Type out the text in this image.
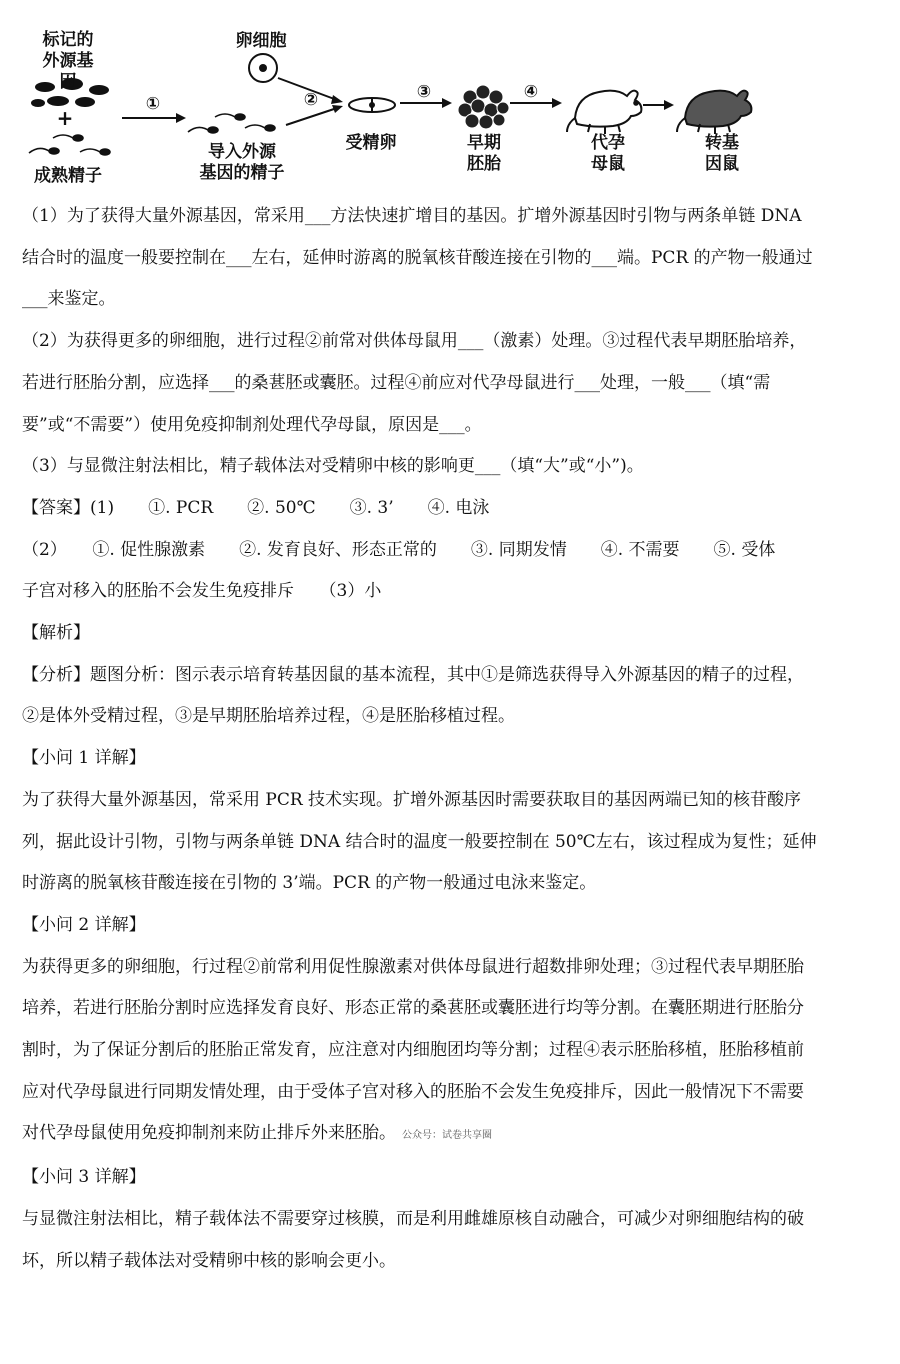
标记的
外源基因
+
成熟精子
卵细胞
导入外源
基因的精子
受精卵	早期
胚胎
代孕
母鼠
转基
因鼠
①	②	③	④

（1）为了获得大量外源基因，常采用___方法快速扩增目的基因。扩增外源基因时引物与两条单链 DNA

结合时的温度一般要控制在___左右，延伸时游离的脱氧核苷酸连接在引物的___端。PCR 的产物一般通过

___来鉴定。

（2）为获得更多的卵细胞，进行过程②前常对供体母鼠用___（激素）处理。③过程代表早期胚胎培养，

若进行胚胎分割，应选择___的桑葚胚或囊胚。过程④前应对代孕母鼠进行___处理，一般___（填“需

要”或“不需要”）使用免疫抑制剂处理代孕母鼠，原因是___。

（3）与显微注射法相比，精子载体法对受精卵中核的影响更___（填“大”或“小”)。

【答案】(1)　　①. PCR　　②. 50℃　　③. 3’　　④. 电泳

（2）　　①. 促性腺激素　　②. 发育良好、形态正常的　　③. 同期发情　　④. 不需要　　⑤. 受体

子宫对移入的胚胎不会发生免疫排斥　　（3）小

【解析】

【分析】题图分析：图示表示培育转基因鼠的基本流程，其中①是筛选获得导入外源基因的精子的过程，

②是体外受精过程，③是早期胚胎培养过程，④是胚胎移植过程。

【小问 1 详解】

为了获得大量外源基因，常采用 PCR 技术实现。扩增外源基因时需要获取目的基因两端已知的核苷酸序

列，据此设计引物，引物与两条单链 DNA 结合时的温度一般要控制在 50℃左右，该过程成为复性；延伸

时游离的脱氧核苷酸连接在引物的 3’端。PCR 的产物一般通过电泳来鉴定。

【小问 2 详解】

为获得更多的卵细胞，行过程②前常利用促性腺激素对供体母鼠进行超数排卵处理；③过程代表早期胚胎

培养，若进行胚胎分割时应选择发育良好、形态正常的桑葚胚或囊胚进行均等分割。在囊胚期进行胚胎分

割时，为了保证分割后的胚胎正常发育，应注意对内细胞团均等分割；过程④表示胚胎移植，胚胎移植前

应对代孕母鼠进行同期发情处理，由于受体子宫对移入的胚胎不会发生免疫排斥，因此一般情况下不需要

对代孕母鼠使用免疫抑制剂来防止排斥外来胚胎。 公众号：试卷共享圈

【小问 3 详解】

与显微注射法相比，精子载体法不需要穿过核膜，而是利用雌雄原核自动融合，可减少对卵细胞结构的破

坏，所以精子载体法对受精卵中核的影响会更小。
